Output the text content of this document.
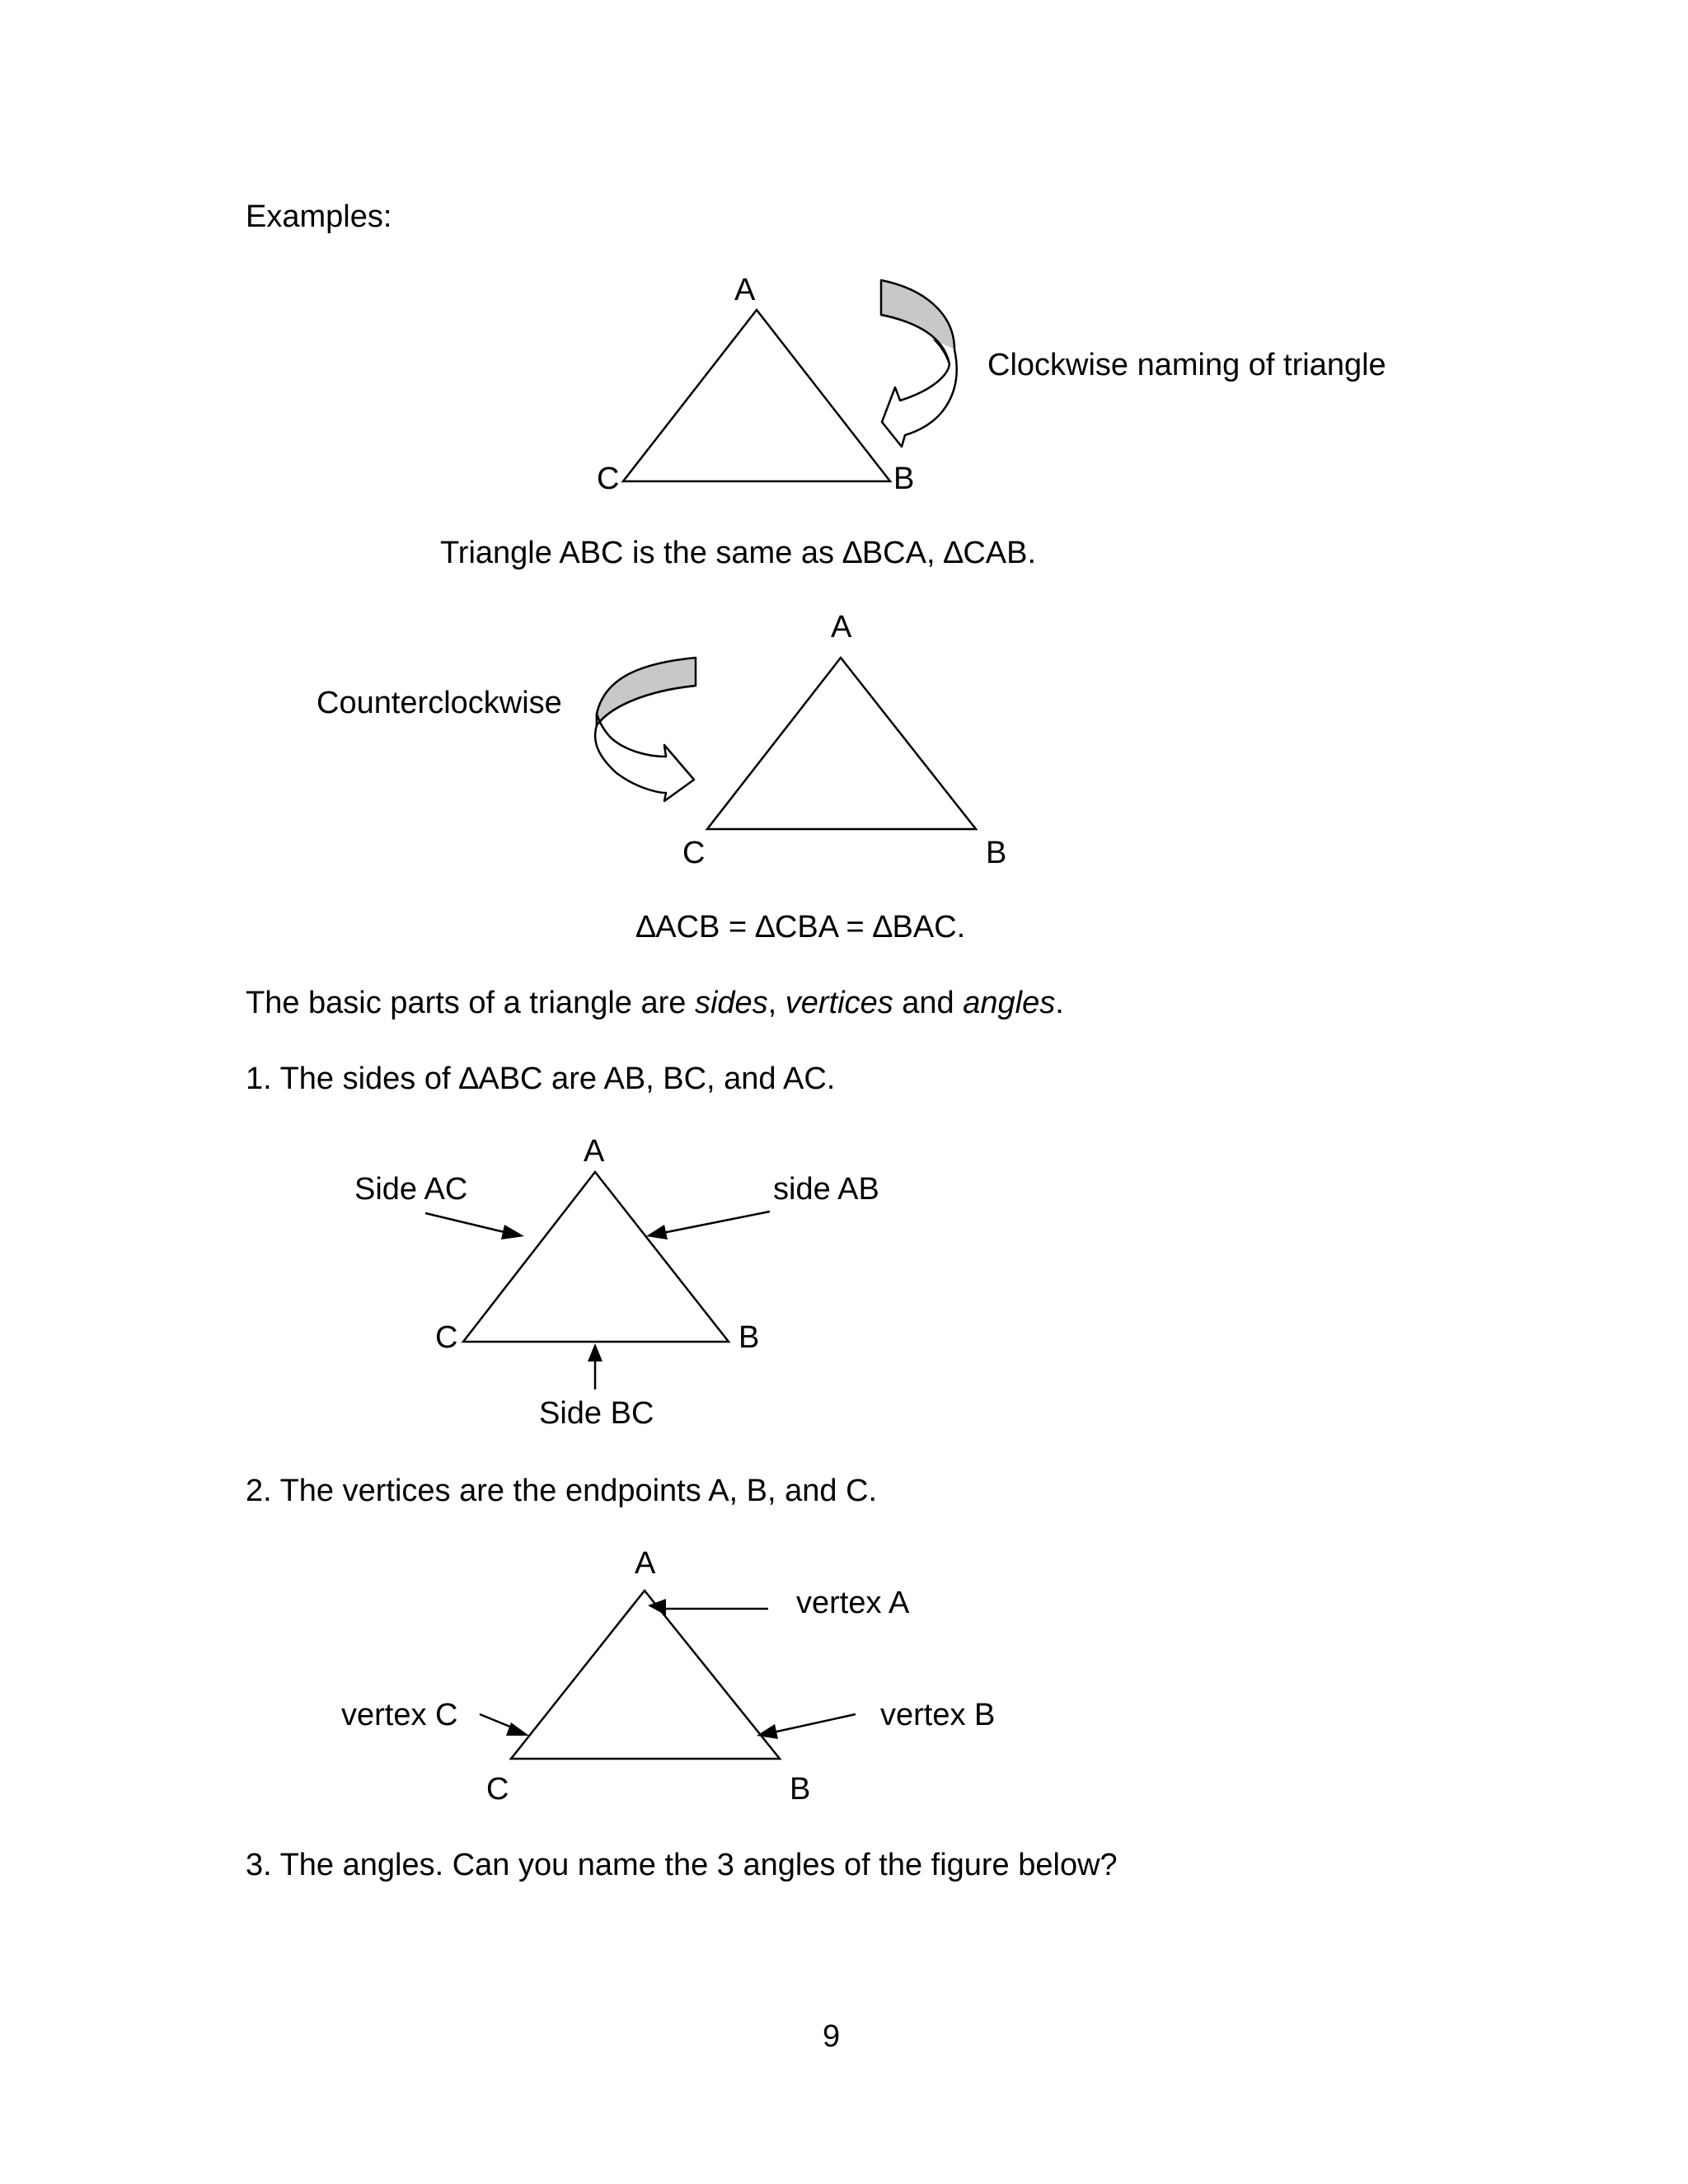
Examples:
A
B
C
Clockwise naming of triangle
Triangle ABC is the same as ∆BCA, ∆CAB.
A
B
C
Counterclockwise
∆ACB = ∆CBA = ∆BAC.
The basic parts of a triangle are sides, vertices and angles.
1. The sides of ∆ABC are AB, BC, and AC.
A
B
C
Side AC	side AB
Side BC
2. The vertices are the endpoints A, B, and C.
A
B
C
vertex A
vertex B
vertex C
3. The angles. Can you name the 3 angles of the figure below?
9
